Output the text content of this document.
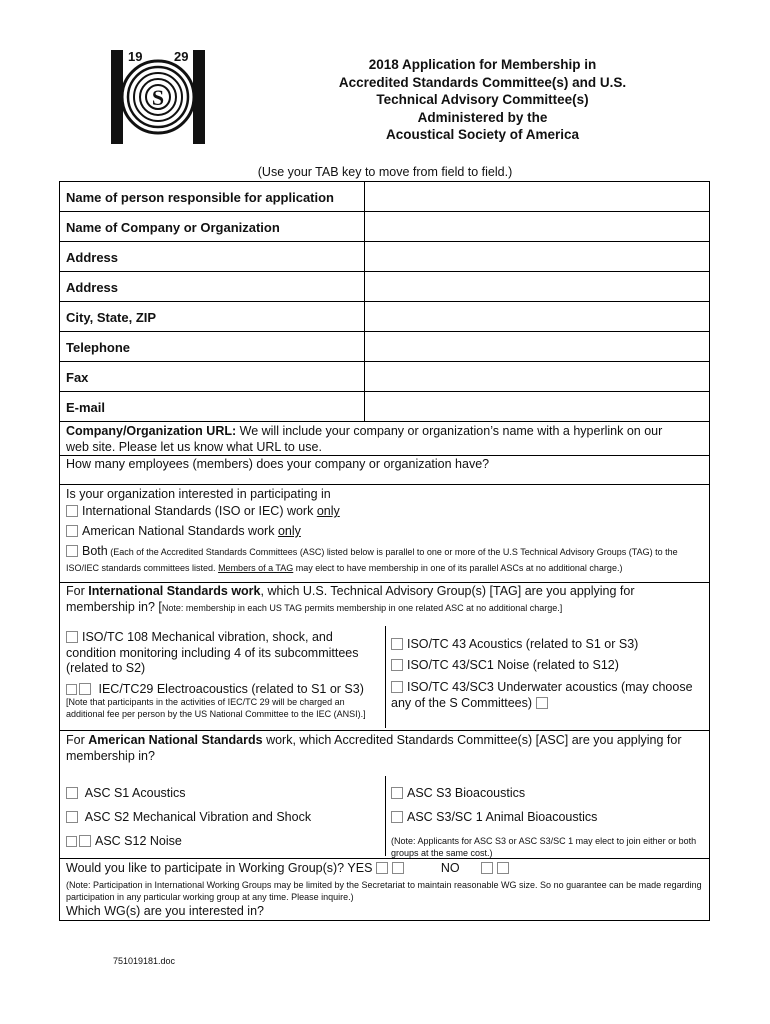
19 29
S
2018 Application for Membership in
Accredited Standards Committee(s) and U.S.
Technical Advisory Committee(s)
Administered by the
Acoustical Society of America
(Use your TAB key to move from field to field.)
Name of person responsible for application
Name of Company or Organization
Address
Address
City, State, ZIP
Telephone
Fax
E-mail
Company/Organization URL: We will include your company or organization’s name with a hyperlink on our
web site. Please let us know what URL to use.
How many employees (members) does your company or organization have?
Is your organization interested in participating in
International Standards (ISO or IEC) work only
American National Standards work only
Both (Each of the Accredited Standards Committees (ASC) listed below is parallel to one or more of the U.S Technical Advisory Groups (TAG) to the ISO/IEC standards committees listed. Members of a TAG may elect to have membership in one of its parallel ASCs at no additional charge.)
For International Standards work, which U.S. Technical Advisory Group(s) [TAG] are you applying for
membership in? [Note: membership in each US TAG permits membership in one related ASC at no additional charge.]
ISO/TC 108 Mechanical vibration, shock, and condition monitoring including 4 of its subcommittees (related to S2)
IEC/TC29 Electroacoustics (related to S1 or S3)
[Note that participants in the activities of IEC/TC 29 will be charged an additional fee per person by the US National Committee to the IEC (ANSI).]
ISO/TC 43 Acoustics (related to S1 or S3)
ISO/TC 43/SC1 Noise (related to S12)
ISO/TC 43/SC3 Underwater acoustics (may choose any of the S Committees)
For American National Standards work, which Accredited Standards Committee(s) [ASC] are you applying for
membership in?
ASC S1 Acoustics
ASC S2 Mechanical Vibration and Shock
ASC S12 Noise
ASC S3 Bioacoustics
ASC S3/SC 1 Animal Bioacoustics
(Note: Applicants for ASC S3 or ASC S3/SC 1 may elect to join either or both groups at the same cost.)
Would you like to participate in Working Group(s)? YES	NO
(Note: Participation in International Working Groups may be limited by the Secretariat to maintain reasonable WG size. So no guarantee can be made regarding participation in any particular working group at any time. Please inquire.)
Which WG(s) are you interested in?
751019181.doc
